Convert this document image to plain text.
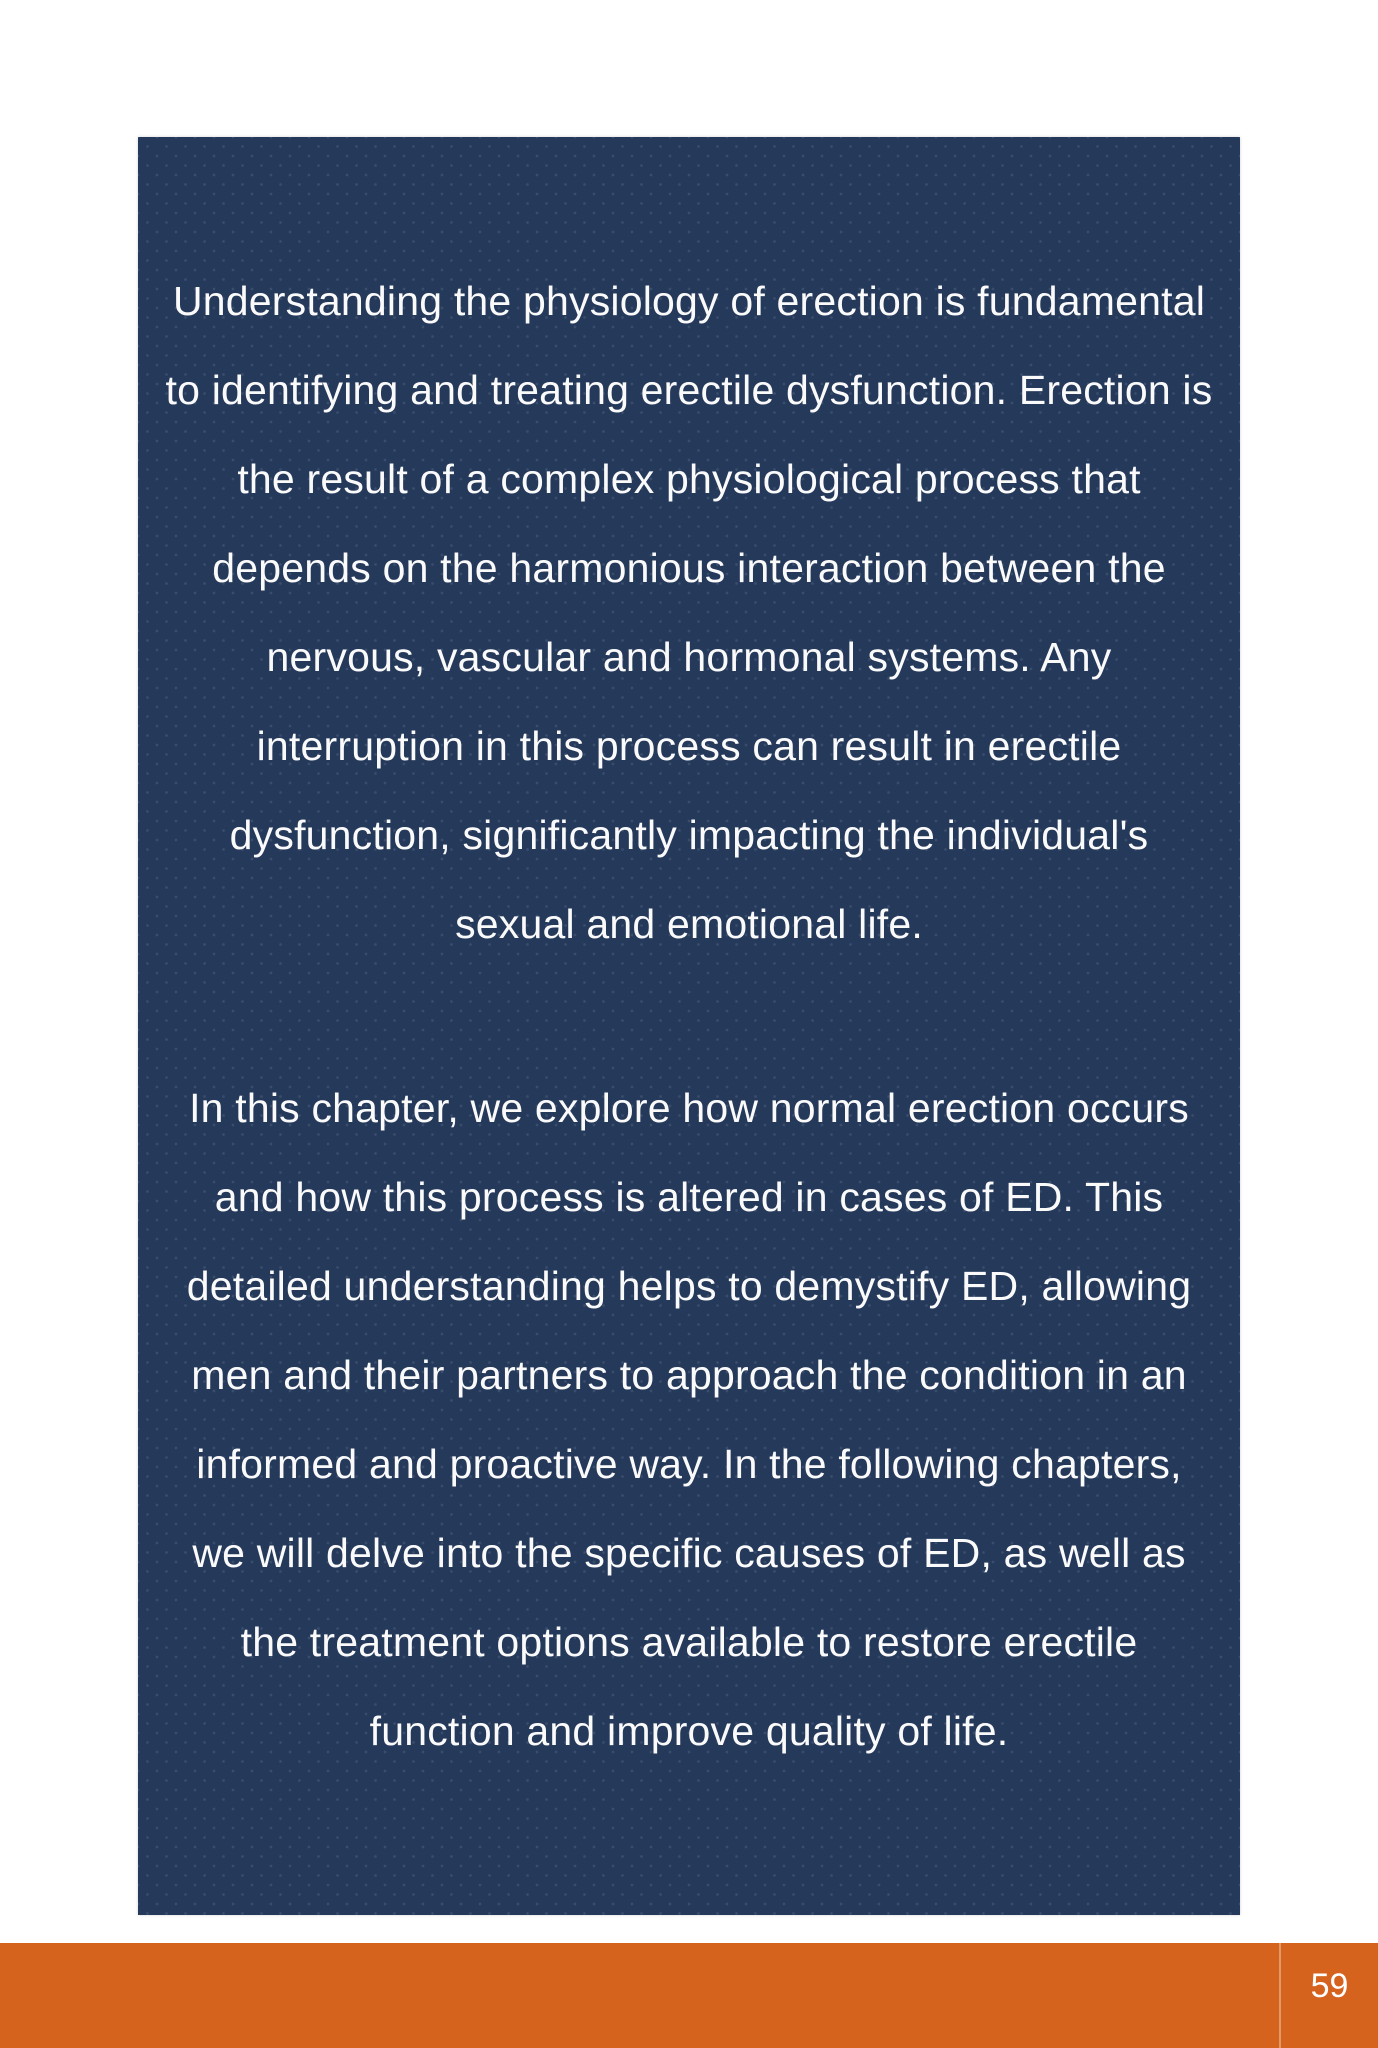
Understanding the physiology of erection is fundamental
to identifying and treating erectile dysfunction. Erection is
the result of a complex physiological process that
depends on the harmonious interaction between the
nervous, vascular and hormonal systems. Any
interruption in this process can result in erectile
dysfunction, significantly impacting the individual's
sexual and emotional life.

In this chapter, we explore how normal erection occurs
and how this process is altered in cases of ED. This
detailed understanding helps to demystify ED, allowing
men and their partners to approach the condition in an
informed and proactive way. In the following chapters,
we will delve into the specific causes of ED, as well as
the treatment options available to restore erectile
function and improve quality of life.

59
